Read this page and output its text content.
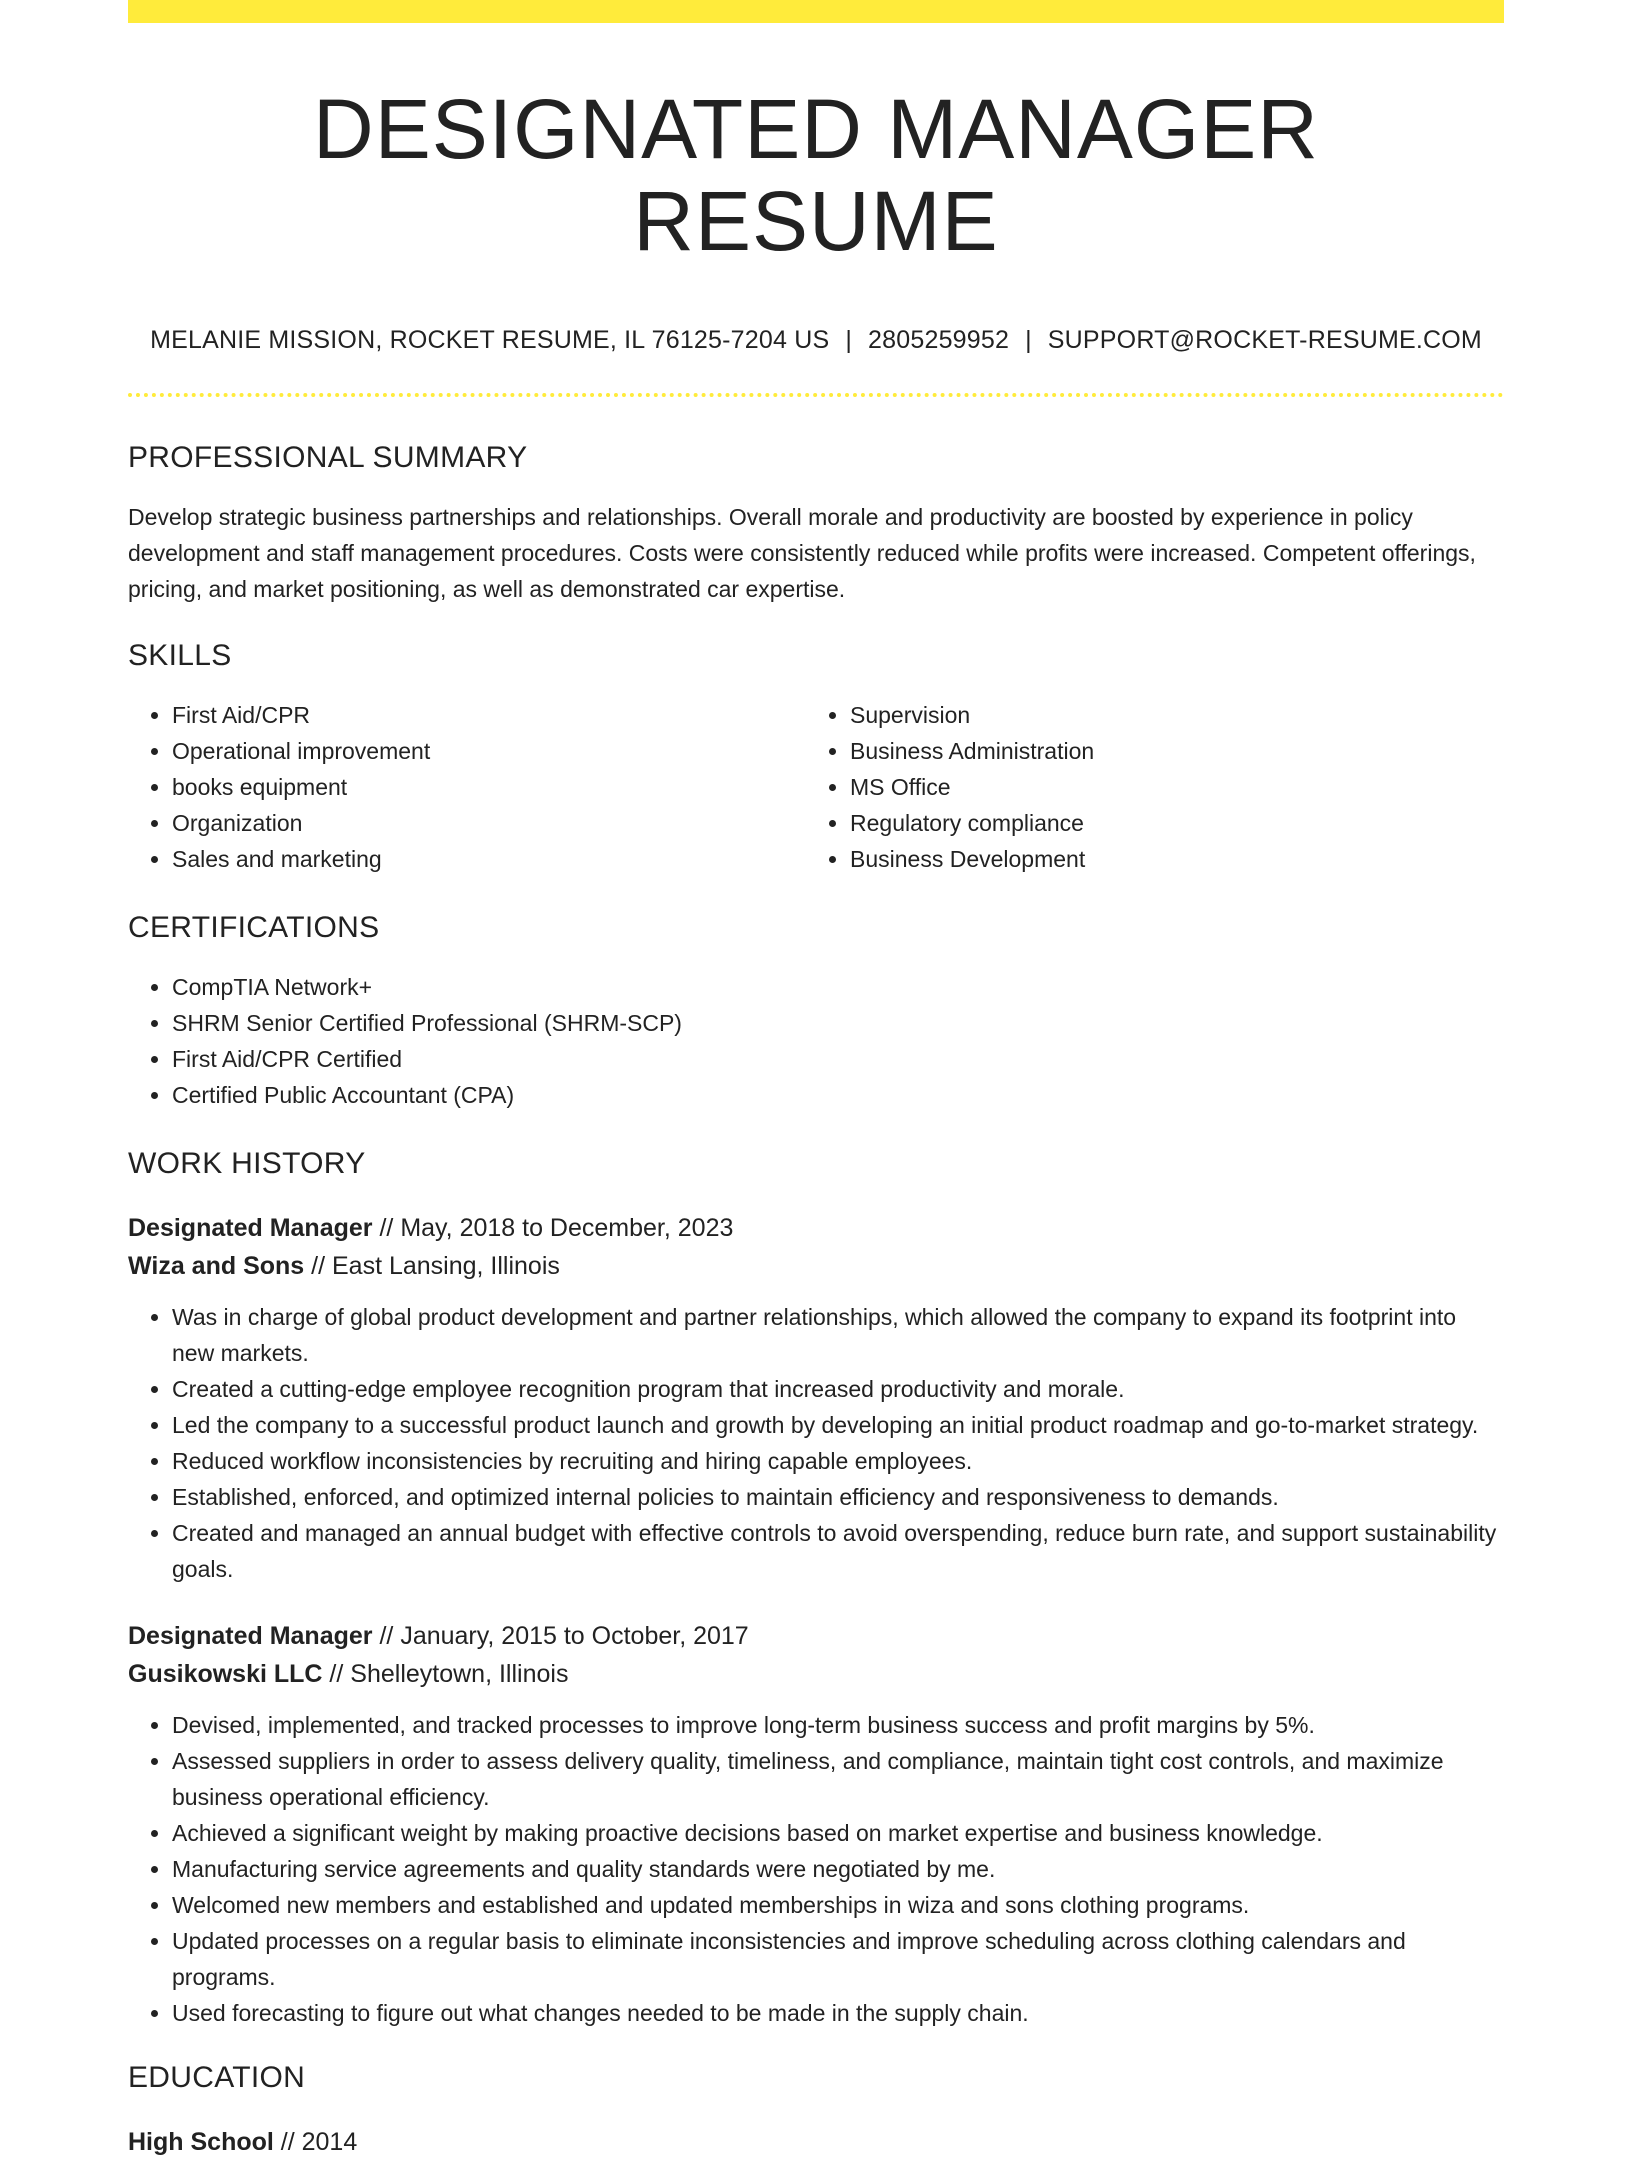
DESIGNATED MANAGER RESUME
MELANIE MISSION, ROCKET RESUME, IL 76125-7204 US | 2805259952 | SUPPORT@ROCKET-RESUME.COM
PROFESSIONAL SUMMARY
Develop strategic business partnerships and relationships. Overall morale and productivity are boosted by experience in policy development and staff management procedures. Costs were consistently reduced while profits were increased. Competent offerings, pricing, and market positioning, as well as demonstrated car expertise.
SKILLS
• First Aid/CPR
• Operational improvement
• books equipment
• Organization
• Sales and marketing
• Supervision
• Business Administration
• MS Office
• Regulatory compliance
• Business Development
CERTIFICATIONS
• CompTIA Network+
• SHRM Senior Certified Professional (SHRM-SCP)
• First Aid/CPR Certified
• Certified Public Accountant (CPA)
WORK HISTORY
Designated Manager // May, 2018 to December, 2023
Wiza and Sons // East Lansing, Illinois
• Was in charge of global product development and partner relationships, which allowed the company to expand its footprint into new markets.
• Created a cutting-edge employee recognition program that increased productivity and morale.
• Led the company to a successful product launch and growth by developing an initial product roadmap and go-to-market strategy.
• Reduced workflow inconsistencies by recruiting and hiring capable employees.
• Established, enforced, and optimized internal policies to maintain efficiency and responsiveness to demands.
• Created and managed an annual budget with effective controls to avoid overspending, reduce burn rate, and support sustainability goals.
Designated Manager // January, 2015 to October, 2017
Gusikowski LLC // Shelleytown, Illinois
• Devised, implemented, and tracked processes to improve long-term business success and profit margins by 5%.
• Assessed suppliers in order to assess delivery quality, timeliness, and compliance, maintain tight cost controls, and maximize business operational efficiency.
• Achieved a significant weight by making proactive decisions based on market expertise and business knowledge.
• Manufacturing service agreements and quality standards were negotiated by me.
• Welcomed new members and established and updated memberships in wiza and sons clothing programs.
• Updated processes on a regular basis to eliminate inconsistencies and improve scheduling across clothing calendars and programs.
• Used forecasting to figure out what changes needed to be made in the supply chain.
EDUCATION
High School // 2014
